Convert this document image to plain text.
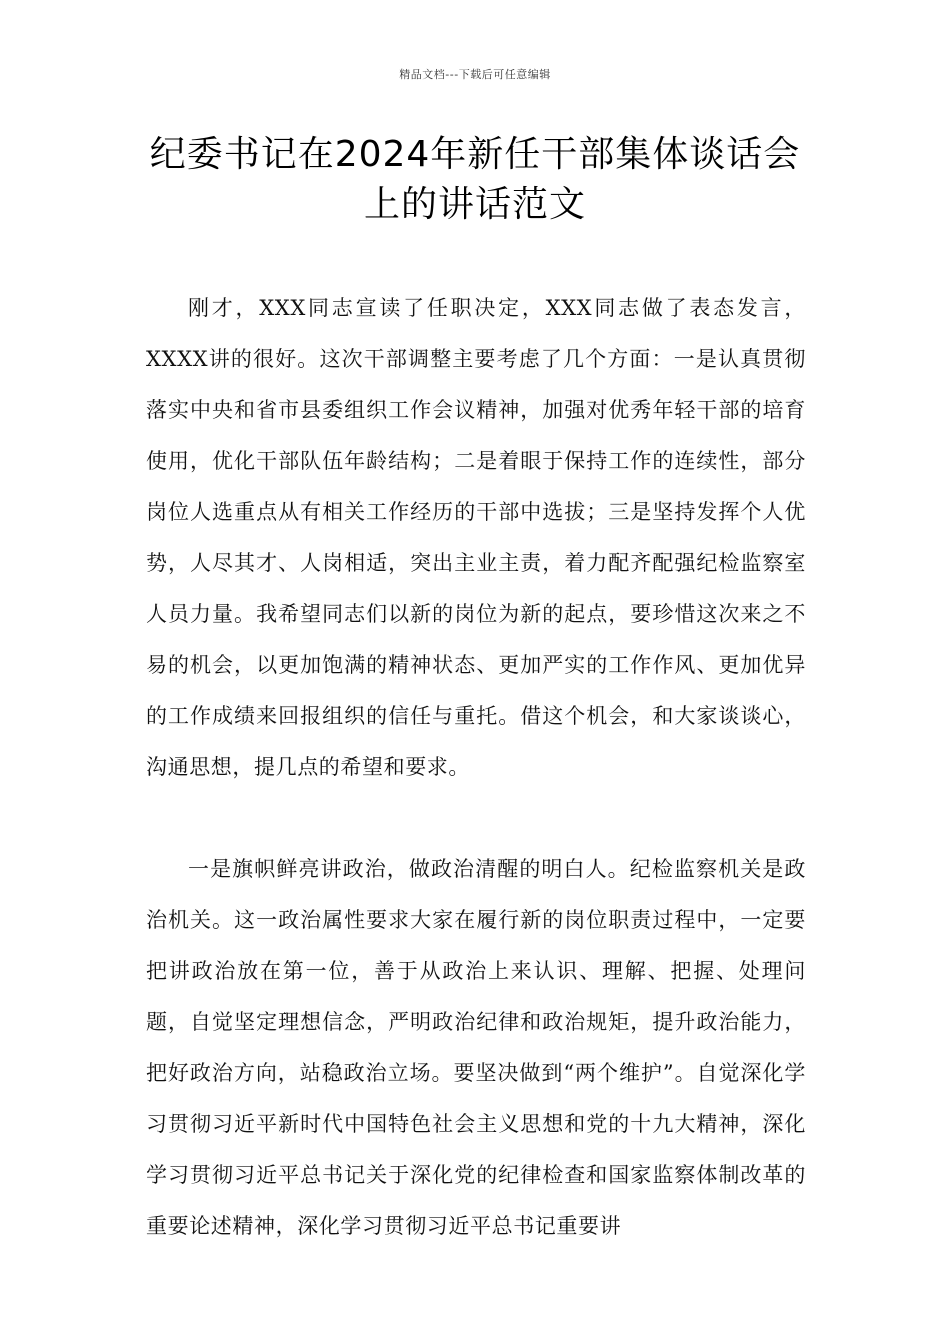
精品文档---下载后可任意编辑
纪委书记在2024年新任干部集体谈话会上的讲话范文

刚才，XXX同志宣读了任职决定，XXX同志做了表态发言，XXXX讲的很好。这次干部调整主要考虑了几个方面：一是认真贯彻落实中央和省市县委组织工作会议精神，加强对优秀年轻干部的培育使用，优化干部队伍年龄结构；二是着眼于保持工作的连续性，部分岗位人选重点从有相关工作经历的干部中选拔；三是坚持发挥个人优势，人尽其才、人岗相适，突出主业主责，着力配齐配强纪检监察室人员力量。我希望同志们以新的岗位为新的起点，要珍惜这次来之不易的机会，以更加饱满的精神状态、更加严实的工作作风、更加优异的工作成绩来回报组织的信任与重托。借这个机会，和大家谈谈心，沟通思想，提几点的希望和要求。

一是旗帜鲜亮讲政治，做政治清醒的明白人。纪检监察机关是政治机关。这一政治属性要求大家在履行新的岗位职责过程中，一定要把讲政治放在第一位，善于从政治上来认识、理解、把握、处理问题，自觉坚定理想信念，严明政治纪律和政治规矩，提升政治能力，把好政治方向，站稳政治立场。要坚决做到“两个维护”。自觉深化学习贯彻习近平新时代中国特色社会主义思想和党的十九大精神，深化学习贯彻习近平总书记关于深化党的纪律检查和国家监察体制改革的重要论述精神，深化学习贯彻习近平总书记重要讲
